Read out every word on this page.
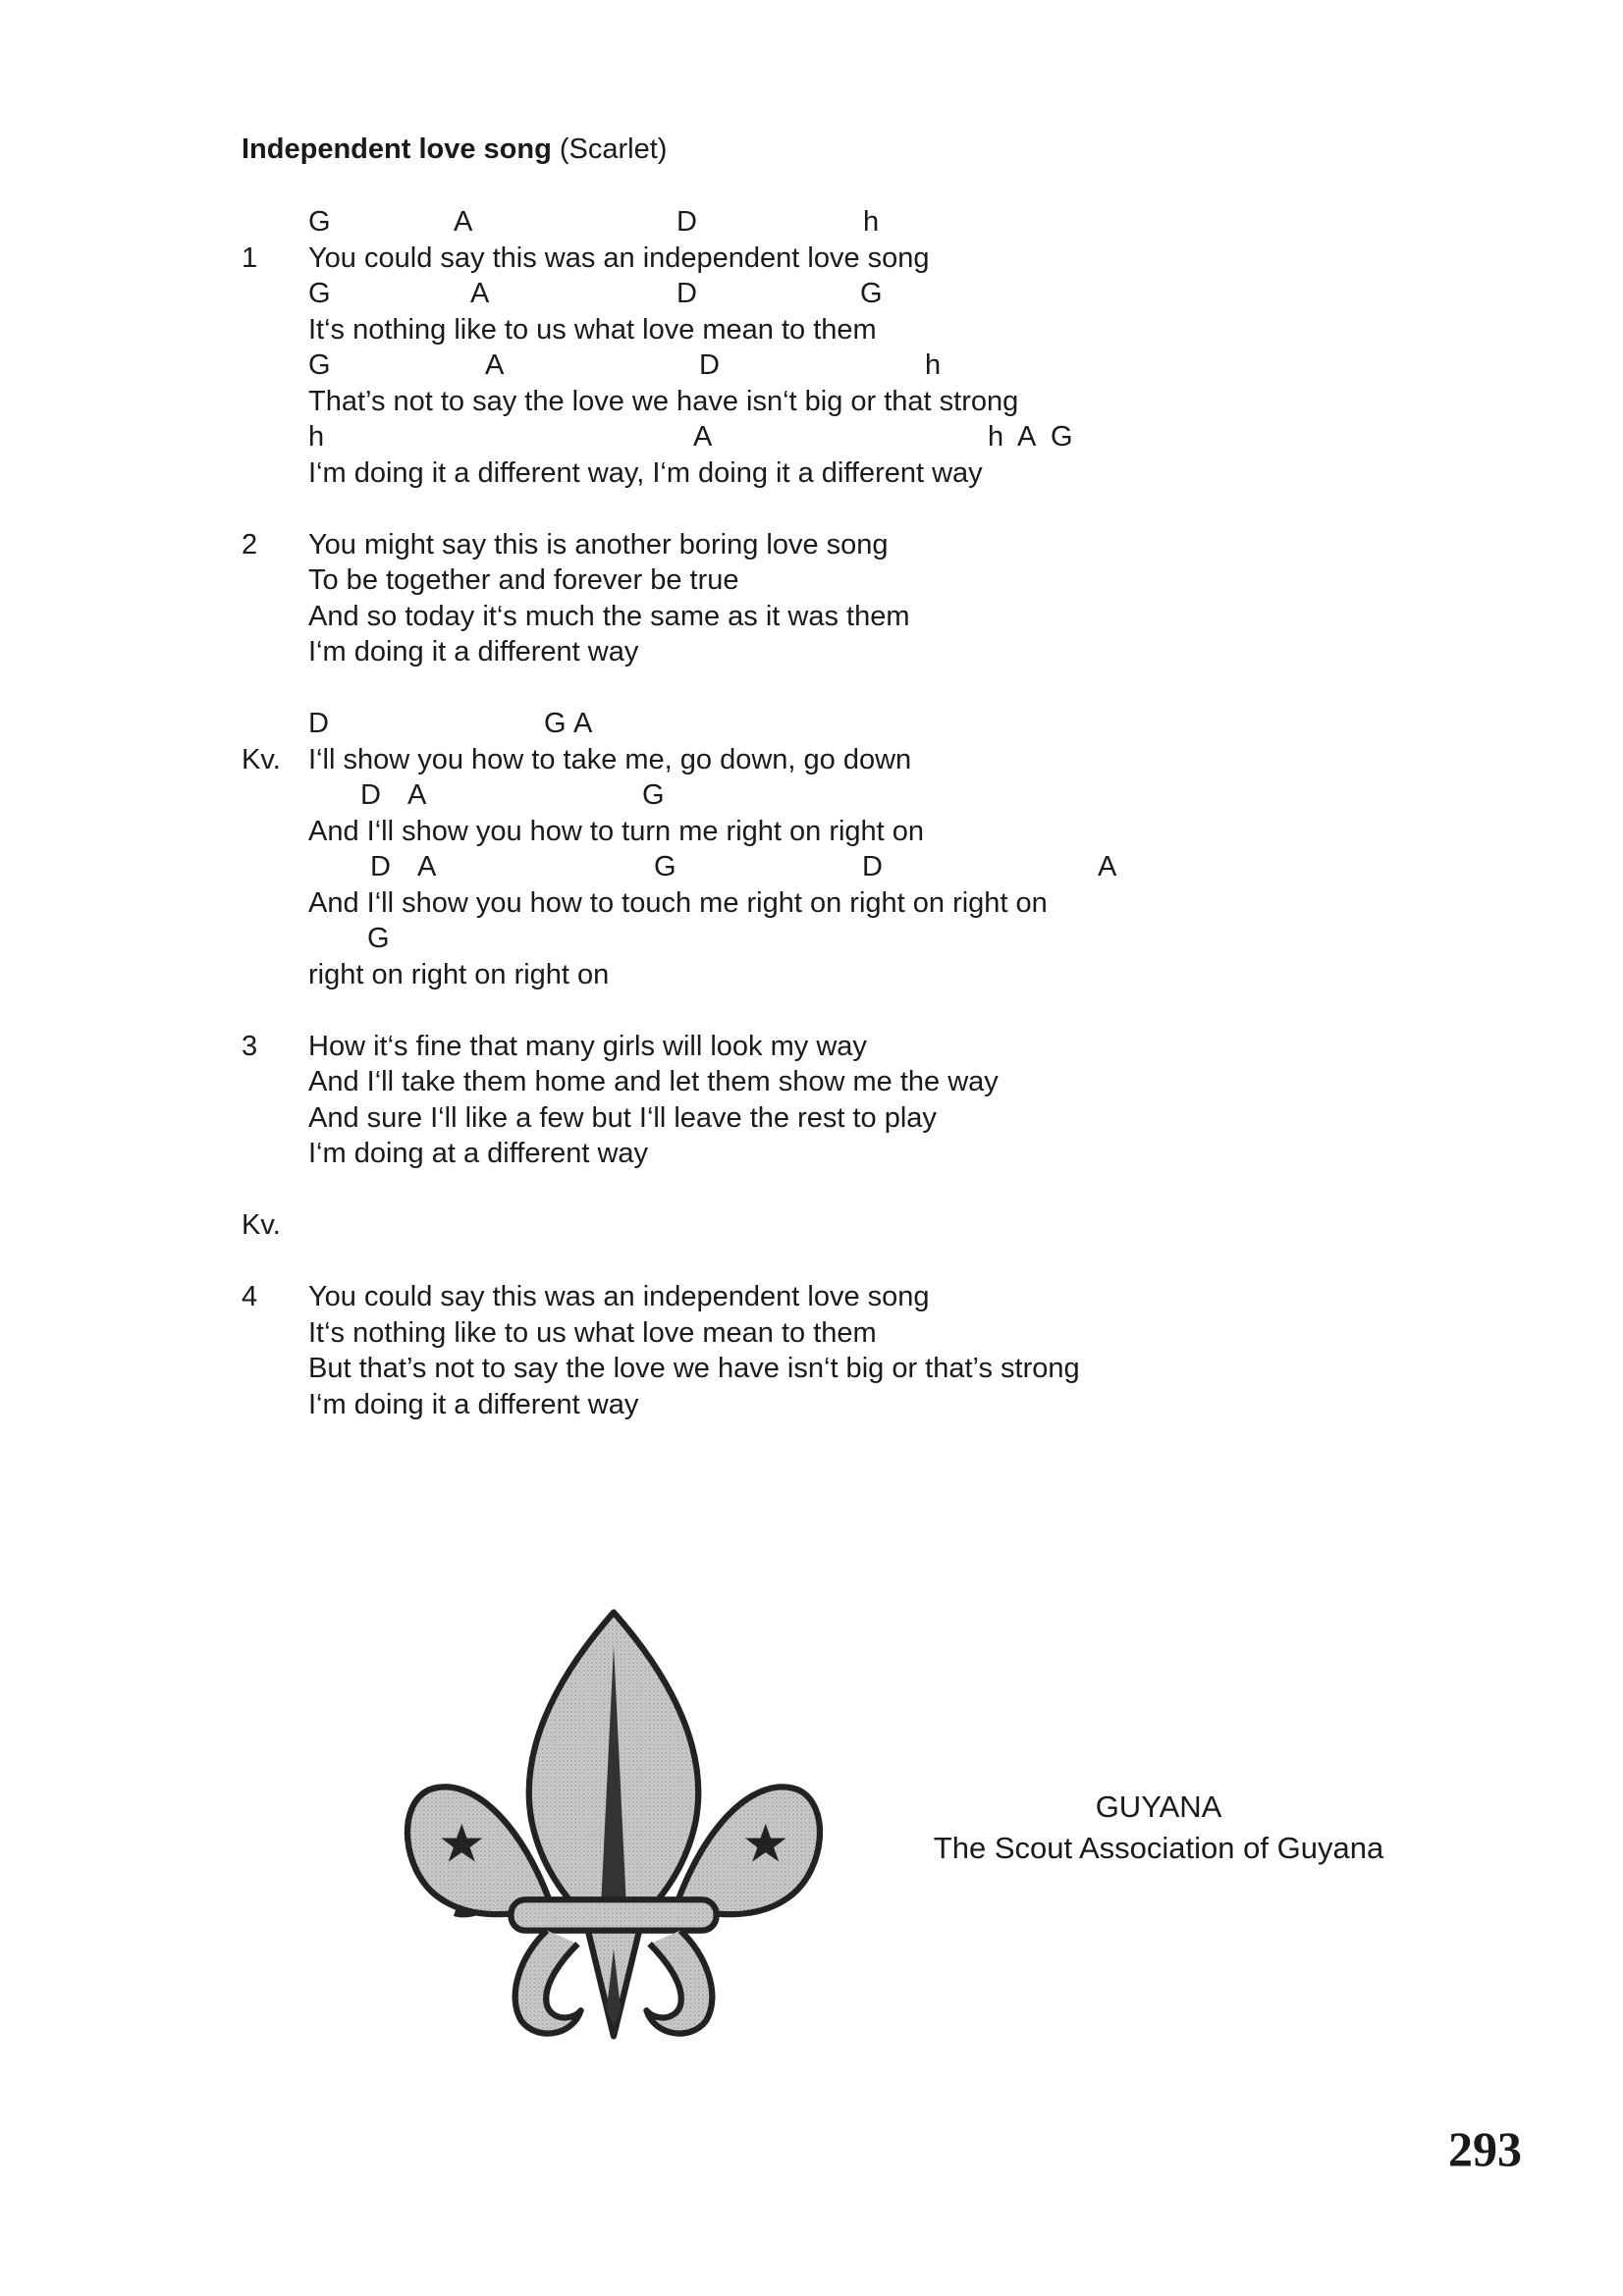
Independent love song (Scarlet)
G	A	D	h
1 You could say this was an independent love song
G	A	D	G
It‘s nothing like to us what love mean to them
G	A	D	h
That’s not to say the love we have isn‘t big or that strong
h	A	h A G
I‘m doing it a different way, I‘m doing it a different way
2 You might say this is another boring love song
To be together and forever be true
And so today it‘s much the same as it was them
I‘m doing it a different way
D	A
G
Kv. I‘ll show you how to take me, go down, go down
D A	G
And I‘ll show you how to turn me right on right on
D A	G	D	A
And I‘ll show you how to touch me right on right on right on
G
right on right on right on
3 How it‘s fine that many girls will look my way
And I‘ll take them home and let them show me the way
And sure I‘ll like a few but I‘ll leave the rest to play
I‘m doing at a different way
Kv.
4 You could say this was an independent love song
It‘s nothing like to us what love mean to them
But that’s not to say the love we have isn‘t big or that’s strong
I‘m doing it a different way
GUYANA
The Scout Association of Guyana
293
